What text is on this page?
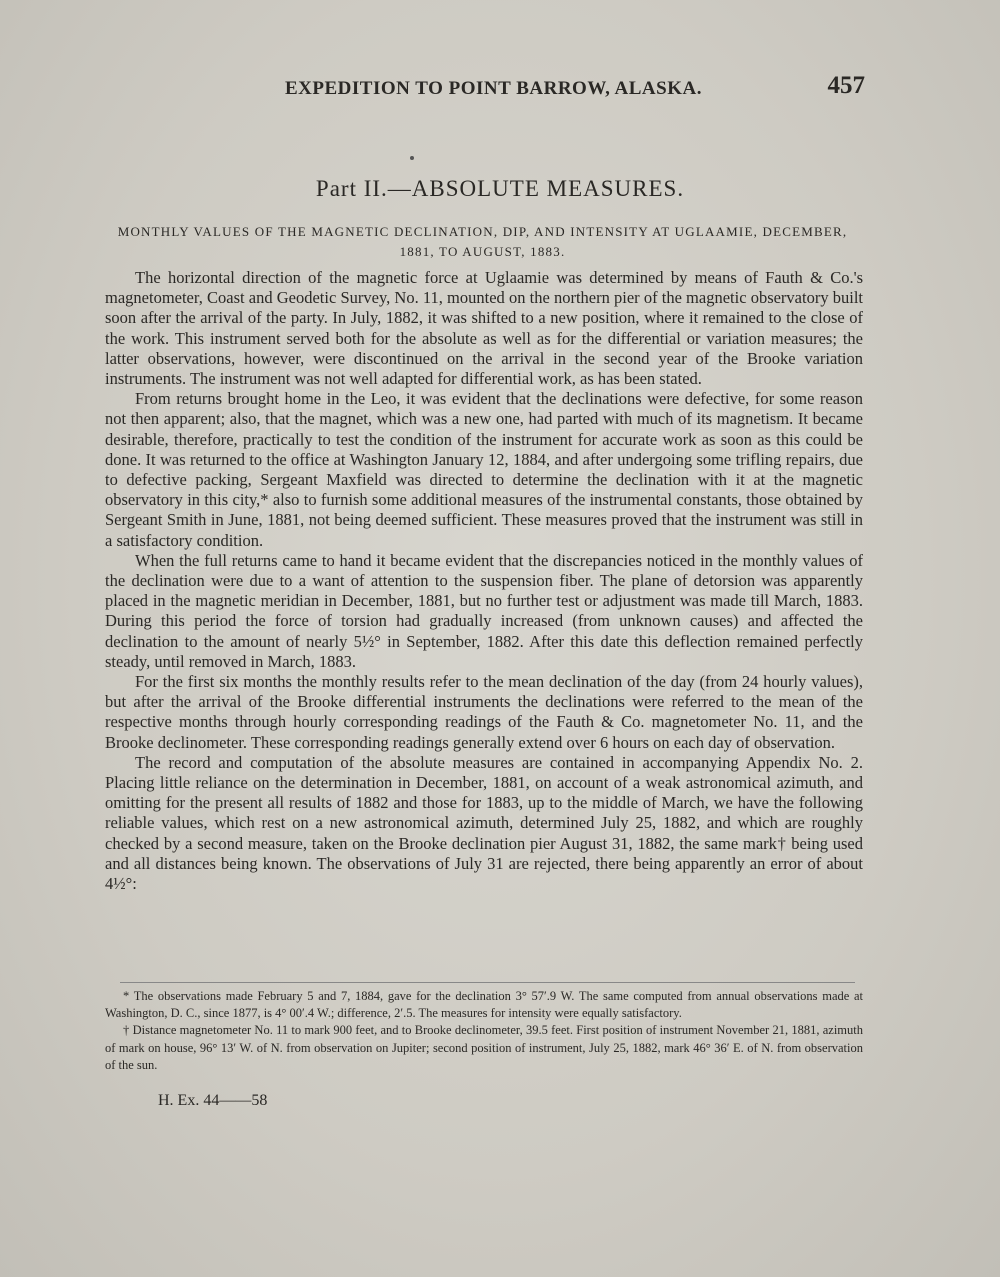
EXPEDITION TO POINT BARROW, ALASKA.	457
Part II.—ABSOLUTE MEASURES.
MONTHLY VALUES OF THE MAGNETIC DECLINATION, DIP, AND INTENSITY AT UGLAAMIE, DECEMBER, 1881, TO AUGUST, 1883.

The horizontal direction of the magnetic force at Uglaamie was determined by means of Fauth & Co.'s magnetometer, Coast and Geodetic Survey, No. 11, mounted on the northern pier of the magnetic observatory built soon after the arrival of the party. In July, 1882, it was shifted to a new position, where it remained to the close of the work. This instrument served both for the absolute as well as for the differential or variation measures; the latter observations, however, were discontinued on the arrival in the second year of the Brooke variation instruments. The instrument was not well adapted for differential work, as has been stated.

From returns brought home in the Leo, it was evident that the declinations were defective, for some reason not then apparent; also, that the magnet, which was a new one, had parted with much of its magnetism. It became desirable, therefore, practically to test the condition of the instrument for accurate work as soon as this could be done. It was returned to the office at Washington January 12, 1884, and after undergoing some trifling repairs, due to defective packing, Sergeant Maxfield was directed to determine the declination with it at the magnetic observatory in this city,* also to furnish some additional measures of the instrumental constants, those obtained by Sergeant Smith in June, 1881, not being deemed sufficient. These measures proved that the instrument was still in a satisfactory condition.

When the full returns came to hand it became evident that the discrepancies noticed in the monthly values of the declination were due to a want of attention to the suspension fiber. The plane of detorsion was apparently placed in the magnetic meridian in December, 1881, but no further test or adjustment was made till March, 1883. During this period the force of torsion had gradually increased (from unknown causes) and affected the declination to the amount of nearly 5½° in September, 1882. After this date this deflection remained perfectly steady, until removed in March, 1883.

For the first six months the monthly results refer to the mean declination of the day (from 24 hourly values), but after the arrival of the Brooke differential instruments the declinations were referred to the mean of the respective months through hourly corresponding readings of the Fauth & Co. magnetometer No. 11, and the Brooke declinometer. These corresponding readings generally extend over 6 hours on each day of observation.

The record and computation of the absolute measures are contained in accompanying Appendix No. 2. Placing little reliance on the determination in December, 1881, on account of a weak astronomical azimuth, and omitting for the present all results of 1882 and those for 1883, up to the middle of March, we have the following reliable values, which rest on a new astronomical azimuth, determined July 25, 1882, and which are roughly checked by a second measure, taken on the Brooke declination pier August 31, 1882, the same mark† being used and all distances being known. The observations of July 31 are rejected, there being apparently an error of about 4½°:

* The observations made February 5 and 7, 1884, gave for the declination 3° 57′.9 W. The same computed from annual observations made at Washington, D. C., since 1877, is 4° 00′.4 W.; difference, 2′.5. The measures for intensity were equally satisfactory.

† Distance magnetometer No. 11 to mark 900 feet, and to Brooke declinometer, 39.5 feet. First position of instrument November 21, 1881, azimuth of mark on house, 96° 13′ W. of N. from observation on Jupiter; second position of instrument, July 25, 1882, mark 46° 36′ E. of N. from observation of the sun.

H. Ex. 44——58
